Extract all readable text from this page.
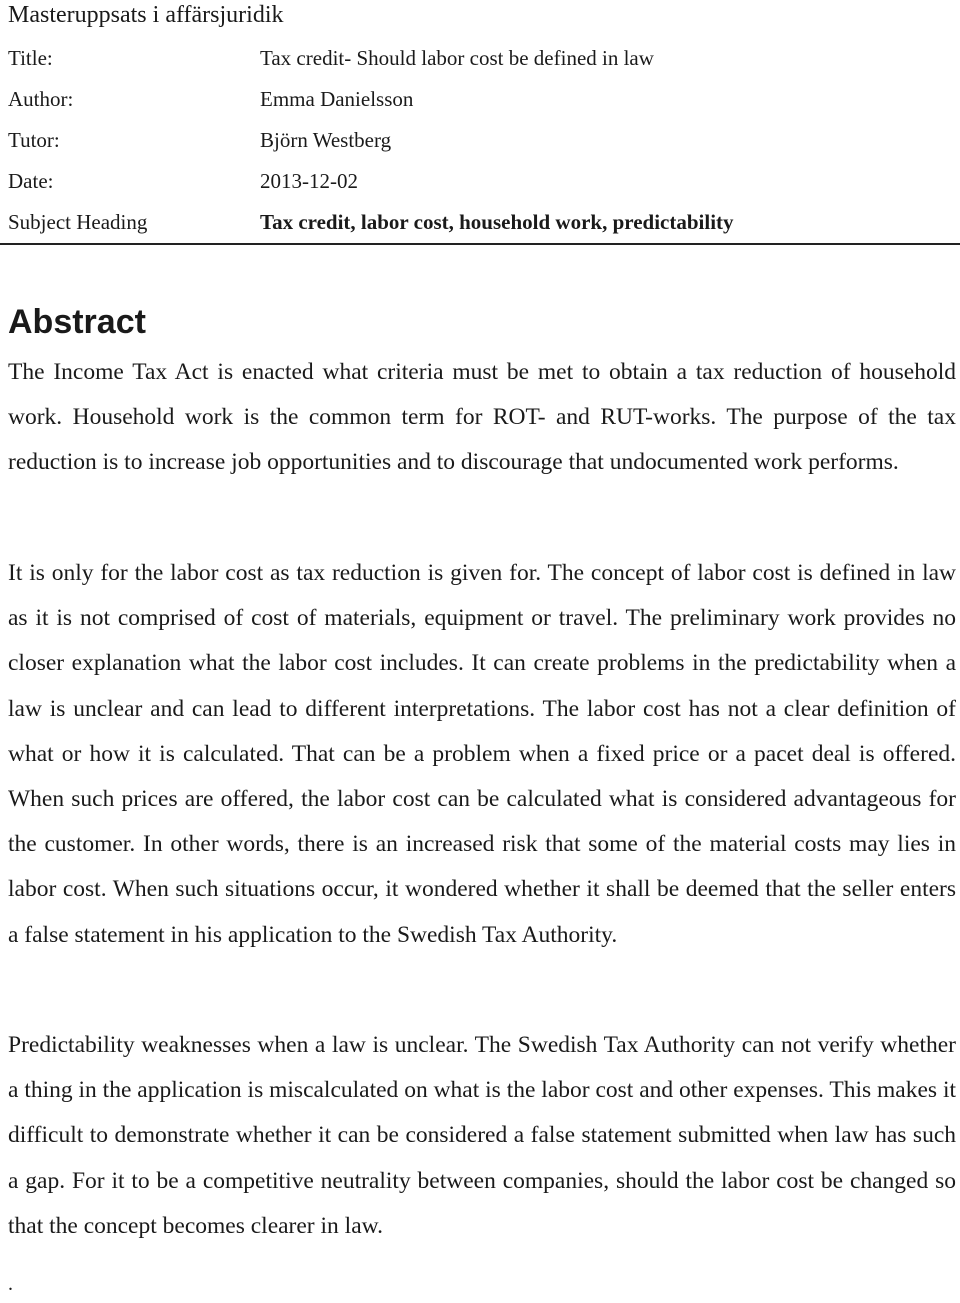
Masteruppsats i affärsjuridik
Title:	Tax credit- Should labor cost be defined in law
Author:	Emma Danielsson
Tutor:	Björn Westberg
Date:	2013-12-02
Subject Heading	Tax credit, labor cost, household work, predictability
Abstract

The Income Tax Act is enacted what criteria must be met to obtain a tax reduction of household work. Household work is the common term for ROT- and RUT-works. The purpose of the tax reduction is to increase job opportunities and to discourage that undocumented work performs.

It is only for the labor cost as tax reduction is given for. The concept of labor cost is defined in law as it is not comprised of cost of materials, equipment or travel. The preliminary work provides no closer explanation what the labor cost includes. It can create problems in the predictability when a law is unclear and can lead to different interpretations. The labor cost has not a clear definition of what or how it is calculated. That can be a problem when a fixed price or a pacet deal is offered. When such prices are offered, the labor cost can be calculated what is considered advantageous for the customer. In other words, there is an increased risk that some of the material costs may lies in labor cost. When such situations occur, it wondered whether it shall be deemed that the seller enters a false statement in his application to the Swedish Tax Authority.

Predictability weaknesses when a law is unclear. The Swedish Tax Authority can not verify whether a thing in the application is miscalculated on what is the labor cost and other expenses. This makes it difficult to demonstrate whether it can be considered a false statement submitted when law has such a gap. For it to be a competitive neutrality between companies, should the labor cost be changed so that the concept becomes clearer in law.

.
